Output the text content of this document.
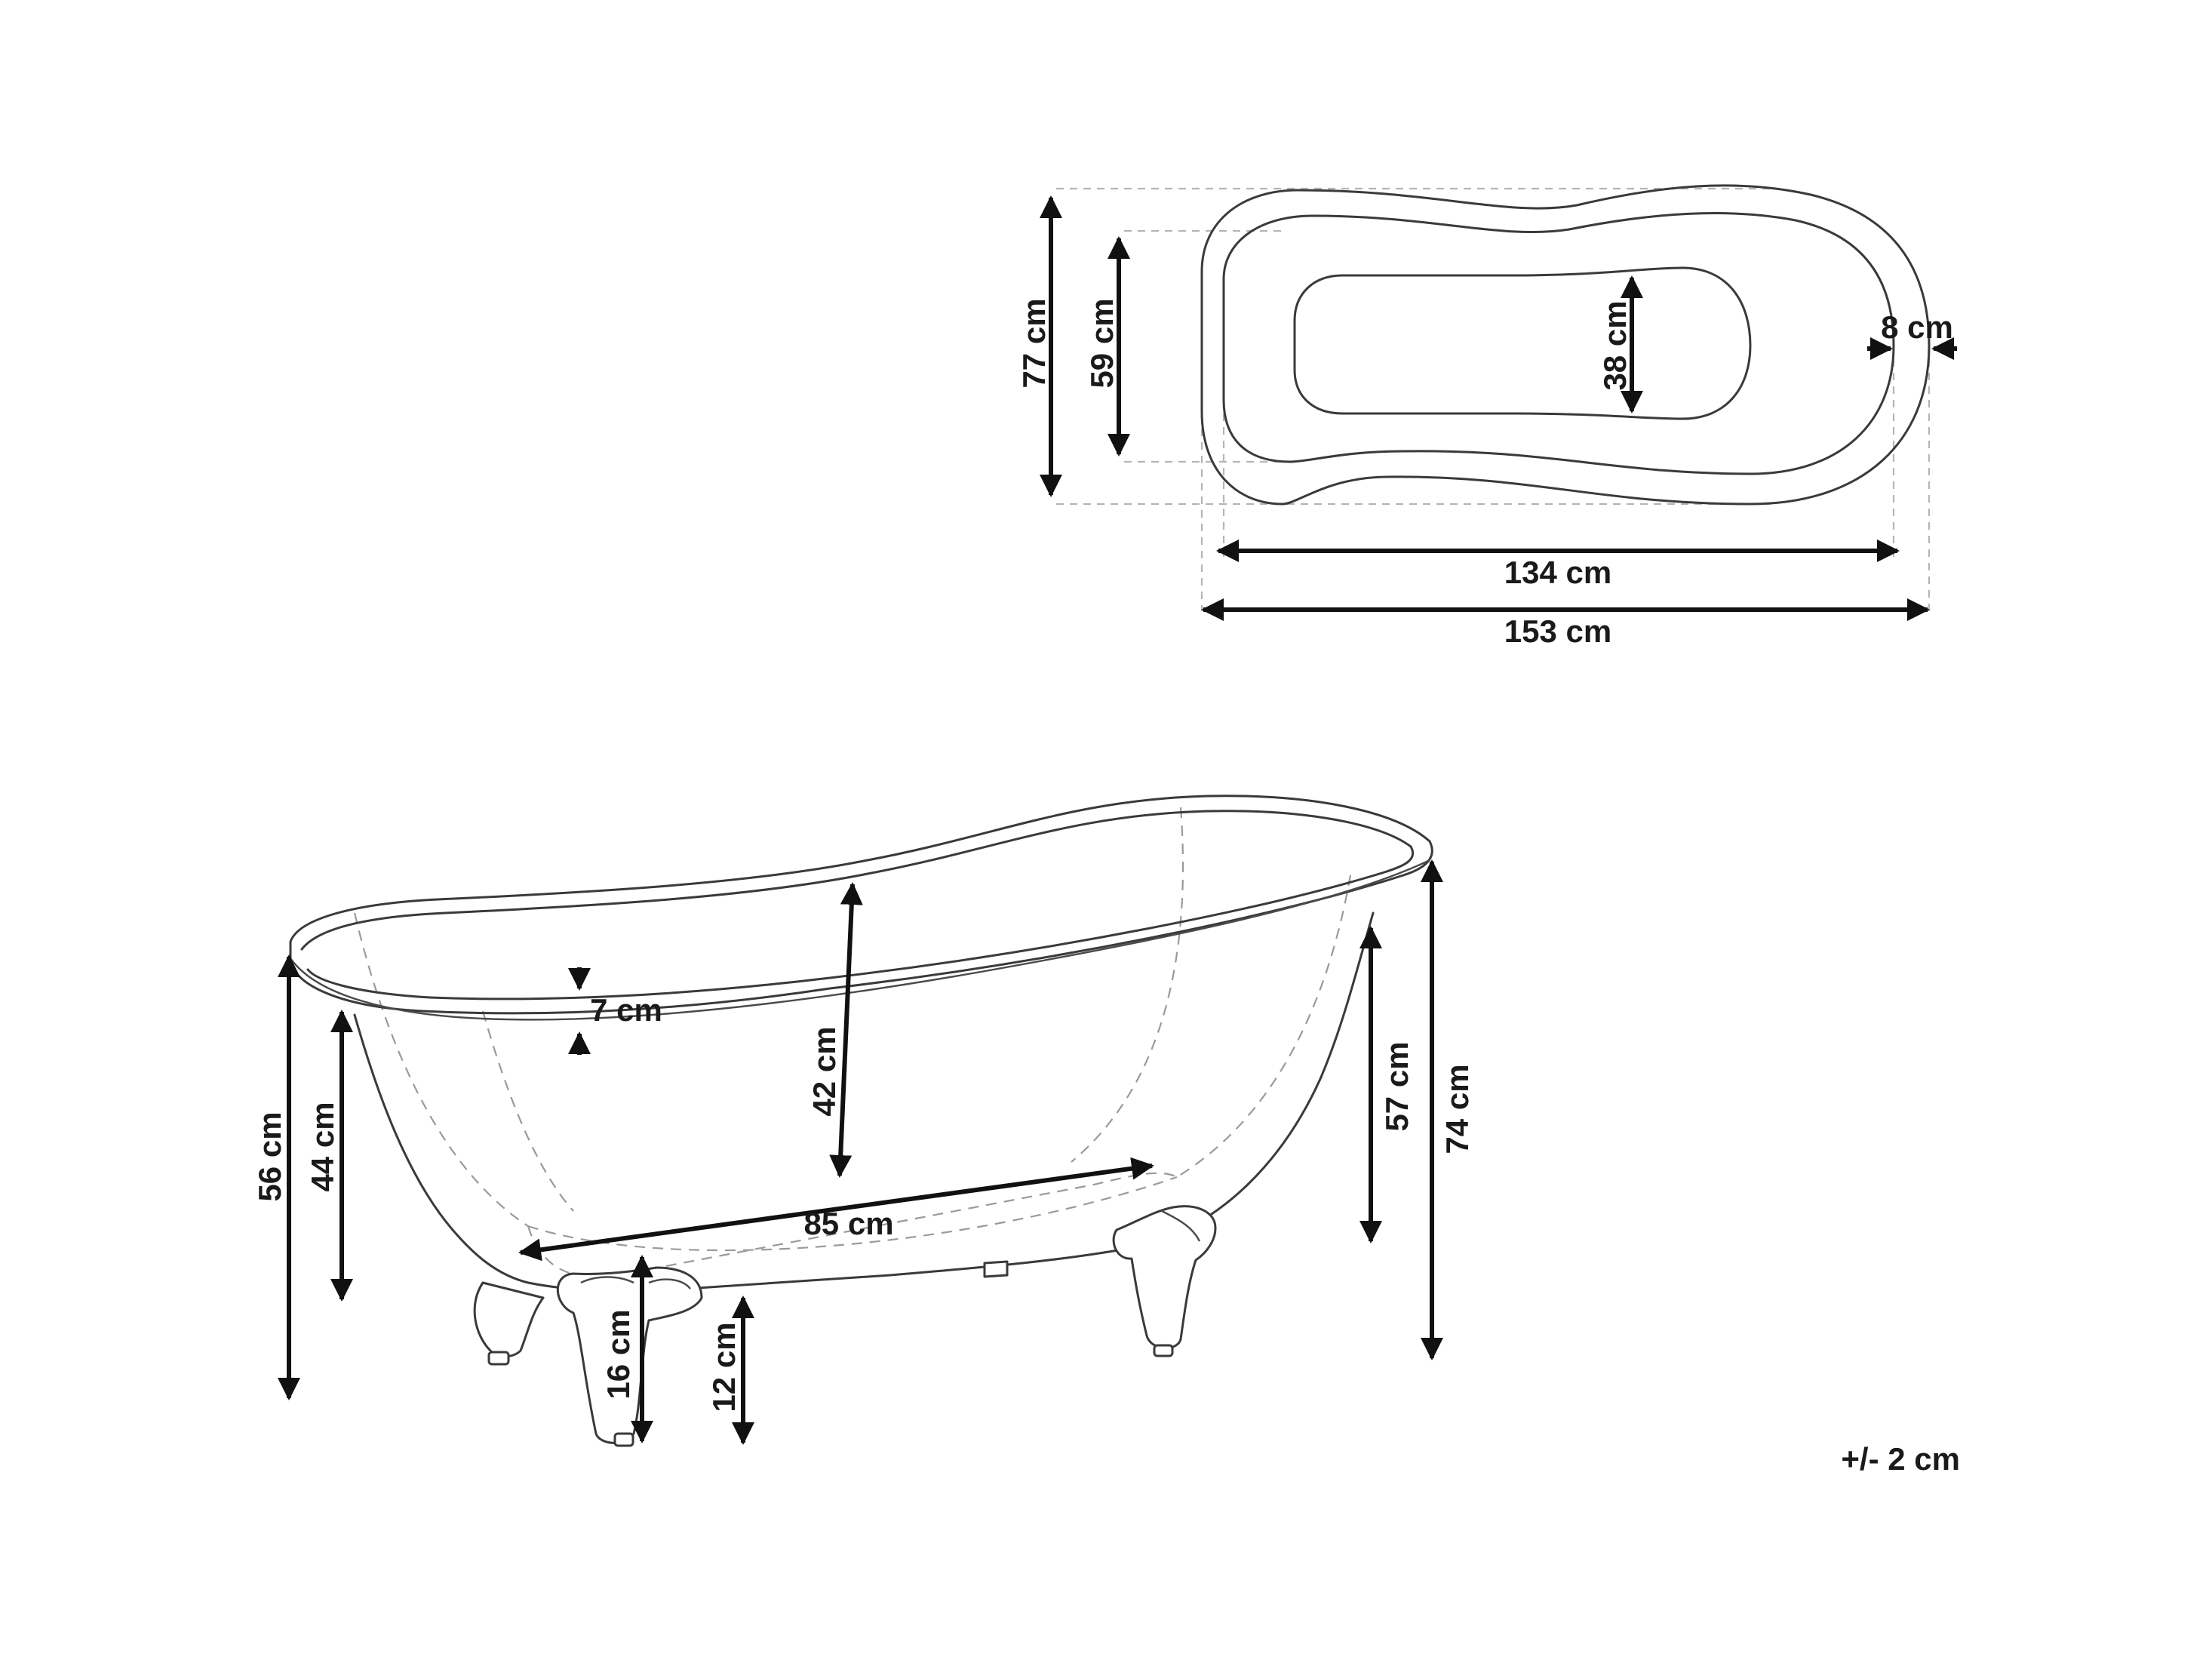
77 cm 59 cm	38 cm	8 cm
134 cm
153 cm
7 cm
42 cm
85 cm
56 cm 44 cm
16 cm 12 cm
57 cm 74 cm
+/- 2 cm
